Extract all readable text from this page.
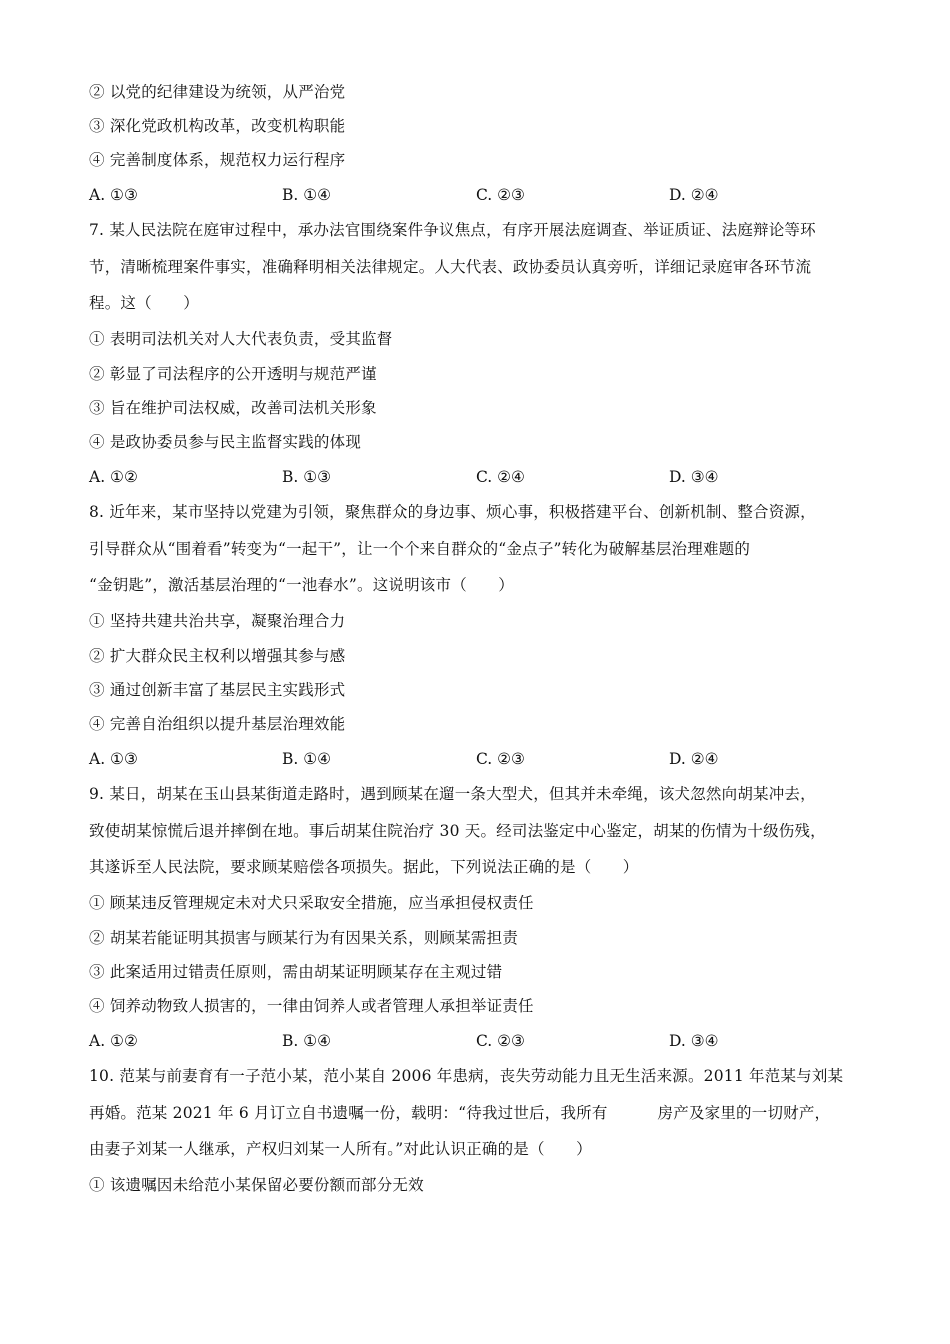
② 以党的纪律建设为统领，从严治党
③ 深化党政机构改革，改变机构职能
④ 完善制度体系，规范权力运行程序
A. ①③	B. ①④	C. ②③	D. ②④
7. 某人民法院在庭审过程中，承办法官围绕案件争议焦点，有序开展法庭调查、举证质证、法庭辩论等环
节，清晰梳理案件事实，准确释明相关法律规定。人大代表、政协委员认真旁听，详细记录庭审各环节流
程。这（　　）
① 表明司法机关对人大代表负责，受其监督
② 彰显了司法程序的公开透明与规范严谨
③ 旨在维护司法权威，改善司法机关形象
④ 是政协委员参与民主监督实践的体现
A. ①②	B. ①③	C. ②④	D. ③④
8. 近年来，某市坚持以党建为引领，聚焦群众的身边事、烦心事，积极搭建平台、创新机制、整合资源，
引导群众从“围着看”转变为“一起干”，让一个个来自群众的“金点子”转化为破解基层治理难题的
“金钥匙”，激活基层治理的“一池春水”。这说明该市（　　）
① 坚持共建共治共享，凝聚治理合力
② 扩大群众民主权利以增强其参与感
③ 通过创新丰富了基层民主实践形式
④ 完善自治组织以提升基层治理效能
A. ①③	B. ①④	C. ②③	D. ②④
9. 某日，胡某在玉山县某街道走路时，遇到顾某在遛一条大型犬，但其并未牵绳，该犬忽然向胡某冲去，
致使胡某惊慌后退并摔倒在地。事后胡某住院治疗 30 天。经司法鉴定中心鉴定，胡某的伤情为十级伤残，
其遂诉至人民法院，要求顾某赔偿各项损失。据此，下列说法正确的是（　　）
① 顾某违反管理规定未对犬只采取安全措施，应当承担侵权责任
② 胡某若能证明其损害与顾某行为有因果关系，则顾某需担责
③ 此案适用过错责任原则，需由胡某证明顾某存在主观过错
④ 饲养动物致人损害的，一律由饲养人或者管理人承担举证责任
A. ①②	B. ①④	C. ②③	D. ③④
10. 范某与前妻育有一子范小某，范小某自 2006 年患病，丧失劳动能力且无生活来源。2011 年范某与刘某
再婚。范某 2021 年 6 月订立自书遗嘱一份，载明：“待我过世后，我所有	房产及家里的一切财产，
由妻子刘某一人继承，产权归刘某一人所有。”对此认识正确的是（　　）
① 该遗嘱因未给范小某保留必要份额而部分无效
